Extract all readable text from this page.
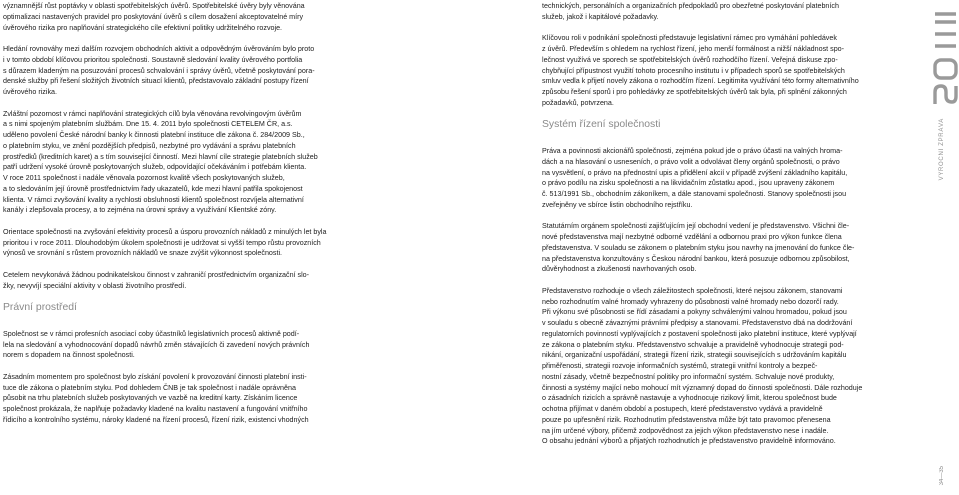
významnější růst poptávky v oblasti spotřebitelských úvěrů. Spotřebitelské úvěry byly věnována
optimalizaci nastavených pravidel pro poskytování úvěrů s cílem dosažení akceptovatelné míry
úvěrového rizika pro naplňování strategického cíle efektivní politiky udržitelného rozvoje.
Hledání rovnováhy mezi dalším rozvojem obchodních aktivit a odpovědným úvěrováním bylo proto
i v tomto období klíčovou prioritou společnosti. Soustavně sledování kvality úvěrového portfolia
s důrazem kladeným na posuzování procesů schvalování i správy úvěrů, včetně poskytování pora-
denské služby při řešení složitých životních situací klientů, představovalo základní postupy řízení
úvěrového rizika.
Zvláštní pozornost v rámci naplňování strategických cílů byla věnována revolvingovým úvěrům
a s nimi spojeným platebním službám. Dne 15. 4. 2011 bylo společnosti CETELEM ČR, a.s.
uděleno povolení České národní banky k činnosti platební instituce dle zákona č. 284/2009 Sb.,
o platebním styku, ve znění pozdějších předpisů, nezbytné pro vydávání a správu platebních
prostředků (kreditních karet) a s tím související činností. Mezi hlavní cíle strategie platebních služeb
patří udržení vysoké úrovně poskytovaných služeb, odpovídající očekáváním i potřebám klienta.
V roce 2011 společnost i nadále věnovala pozornost kvalitě všech poskytovaných služeb,
a to sledováním její úrovně prostřednictvím řady ukazatelů, kde mezi hlavní patřila spokojenost
klienta. V rámci zvyšování kvality a rychlosti obsluhnosti klientů společnost rozvíjela alternativní
kanály i zlepšovala procesy, a to zejména na úrovni správy a využívání Klientské zóny.
Orientace společnosti na zvyšování efektivity procesů a úsporu provozních nákladů z minulých let byla
prioritou i v roce 2011. Dlouhodobým úkolem společnosti je udržovat si vyšší tempo růstu provozních
výnosů ve srovnání s růstem provozních nákladů ve snaze zvýšit výkonnost společnosti.
Cetelem nevykonává žádnou podnikatelskou činnost v zahraničí prostřednictvím organizační slo-
žky, nevyvíjí speciální aktivity v oblasti životního prostředí.
Právní prostředí
Společnost se v rámci profesních asociací coby účastníků legislativních procesů aktivně podí-
lela na sledování a vyhodnocování dopadů návrhů změn stávajících či zavedení nových právních
norem s dopadem na činnost společnosti.
Zásadním momentem pro společnost bylo získání povolení k provozování činnosti platební insti-
tuce dle zákona o platebním styku. Pod dohledem ČNB je tak společnost i nadále oprávněna
působit na trhu platebních služeb poskytovaných ve vazbě na kreditní karty. Získáním licence
společnost prokázala, že naplňuje požadavky kladené na kvalitu nastavení a fungování vnitřního
řídicího a kontrolního systému, nároky kladené na řízení procesů, řízení rizik, existenci vhodných
technických, personálních a organizačních předpokladů pro obezřetné poskytování platebních
služeb, jakož i kapitálové požadavky.
Klíčovou roli v podnikání společnosti představuje legislativní rámec pro vymáhání pohledávek
z úvěrů. Především s ohledem na rychlost řízení, jeho menší formálnost a nižší nákladnost spo-
lečnost využívá ve sporech se spotřebitelských úvěrů rozhodčího řízení. Veřejná diskuse zpo-
chybňující přípustnost využití tohoto procesního institutu i v případech sporů se spotřebitelských
smluv vedla k přijetí novely zákona o rozhodčím řízení. Legitimita využívání této formy alternativního
způsobu řešení sporů i pro pohledávky ze spotřebitelských úvěrů tak byla, při splnění zákonných
požadavků, potvrzena.
Systém řízení společnosti
Práva a povinnosti akcionářů společnosti, zejména pokud jde o právo účasti na valných hroma-
dách a na hlasování o usneseních, o právo volit a odvolávat členy orgánů společnosti, o právo
na vysvětlení, o právo na přednostní upis a přidělení akcií v případě zvýšení základního kapitálu,
o právo podílu na zisku společnosti a na likvidačním zůstatku apod., jsou upraveny zákonem
č. 513/1991 Sb., obchodním zákoníkem, a dále stanovami společnosti. Stanovy společnosti jsou
zveřejněny ve sbírce listin obchodního rejstříku.
Statutárním orgánem společnosti zajišťujícím její obchodní vedení je představenstvo. Všichni čle-
nové představenstva mají nezbytné odborné vzdělání a odbornou praxi pro výkon funkce člena
představenstva. V souladu se zákonem o platebním styku jsou navrhy na jmenování do funkce čle-
na představenstva konzultovány s Českou národní bankou, která posuzuje odbornou způsobilost,
důvěryhodnost a zkušenosti navrhovaných osob.
Představenstvo rozhoduje o všech záležitostech společnosti, které nejsou zákonem, stanovami
nebo rozhodnutím valné hromady vyhrazeny do působnosti valné hromady nebo dozorčí rady.
Při výkonu své působnosti se řídí zásadami a pokyny schválenými valnou hromadou, pokud jsou
v souladu s obecně závaznými právními předpisy a stanovami. Představenstvo dbá na dodržování
regulatorních povinností vyplývajících z postavení společnosti jako platební instituce, které vyplývají
ze zákona o platebním styku. Představenstvo schvaluje a pravidelně vyhodnocuje strategii pod-
nikání, organizační uspořádání, strategii řízení rizik, strategii souvisejících s udržováním kapitálu
přiměřenosti, strategii rozvoje informačních systémů, strategii vnitřní kontroly a bezpeč-
nostní zásady, včetně bezpečnostní politiky pro informační systém. Schvaluje nové produkty,
činnosti a systémy mající nebo mohoucí mít významný dopad do činnosti společnosti. Dále rozhoduje
o zásadních rizicích a správně nastavuje a vyhodnocuje rizikový limit, kterou společnost bude
ochotna přijímat v daném období a postupech, které představenstvo vydává a pravidelně
pouze po upřesnění rizik. Rozhodnutím představenstva může být tato pravomoc přenesena
na jím určené výbory, přičemž zodpovědnost za jejich výkon představenstvo nese i nadále.
O obsahu jednání výborů a přijatých rozhodnutích je představenstvo pravidelně informováno.
VÝROČNÍ ZPRÁVA
34—35
